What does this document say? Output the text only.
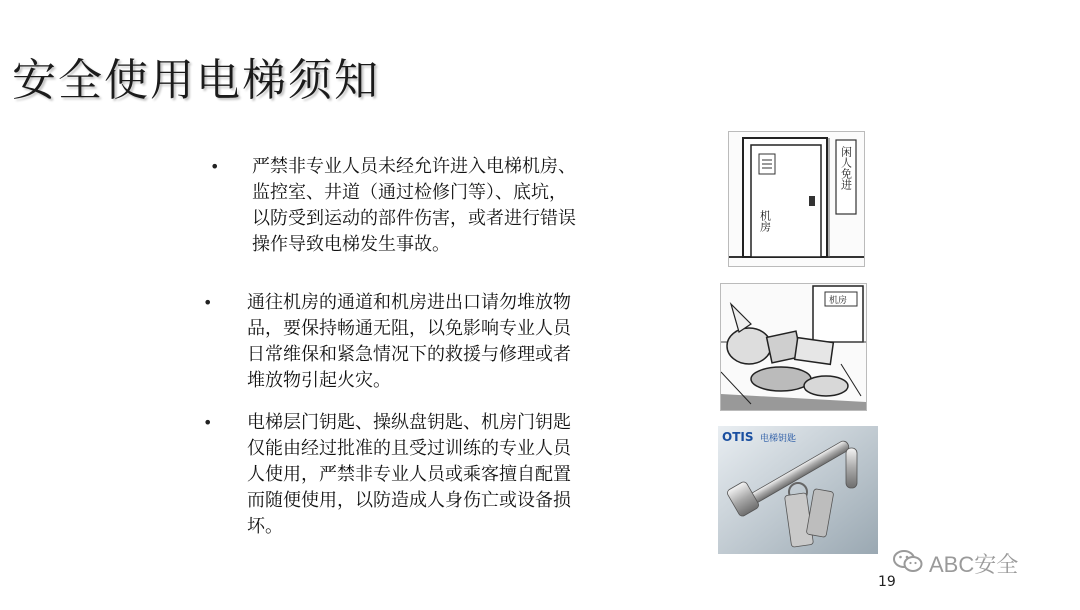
安全使用电梯须知
• 严禁非专业人员未经允许进入电梯机房、
监控室、井道（通过检修门等）、底坑，
以防受到运动的部件伤害，或者进行错误
操作导致电梯发生事故。
• 通往机房的通道和机房进出口请勿堆放物
品，要保持畅通无阻，以免影响专业人员
日常维保和紧急情况下的救援与修理或者
堆放物引起火灾。
• 电梯层门钥匙、操纵盘钥匙、机房门钥匙
仅能由经过批准的且受过训练的专业人员
人使用，严禁非专业人员或乘客擅自配置
而随便使用，以防造成人身伤亡或设备损
坏。
机房
闲人免进
机房
OTIS 电梯钥匙
19
ABC安全
